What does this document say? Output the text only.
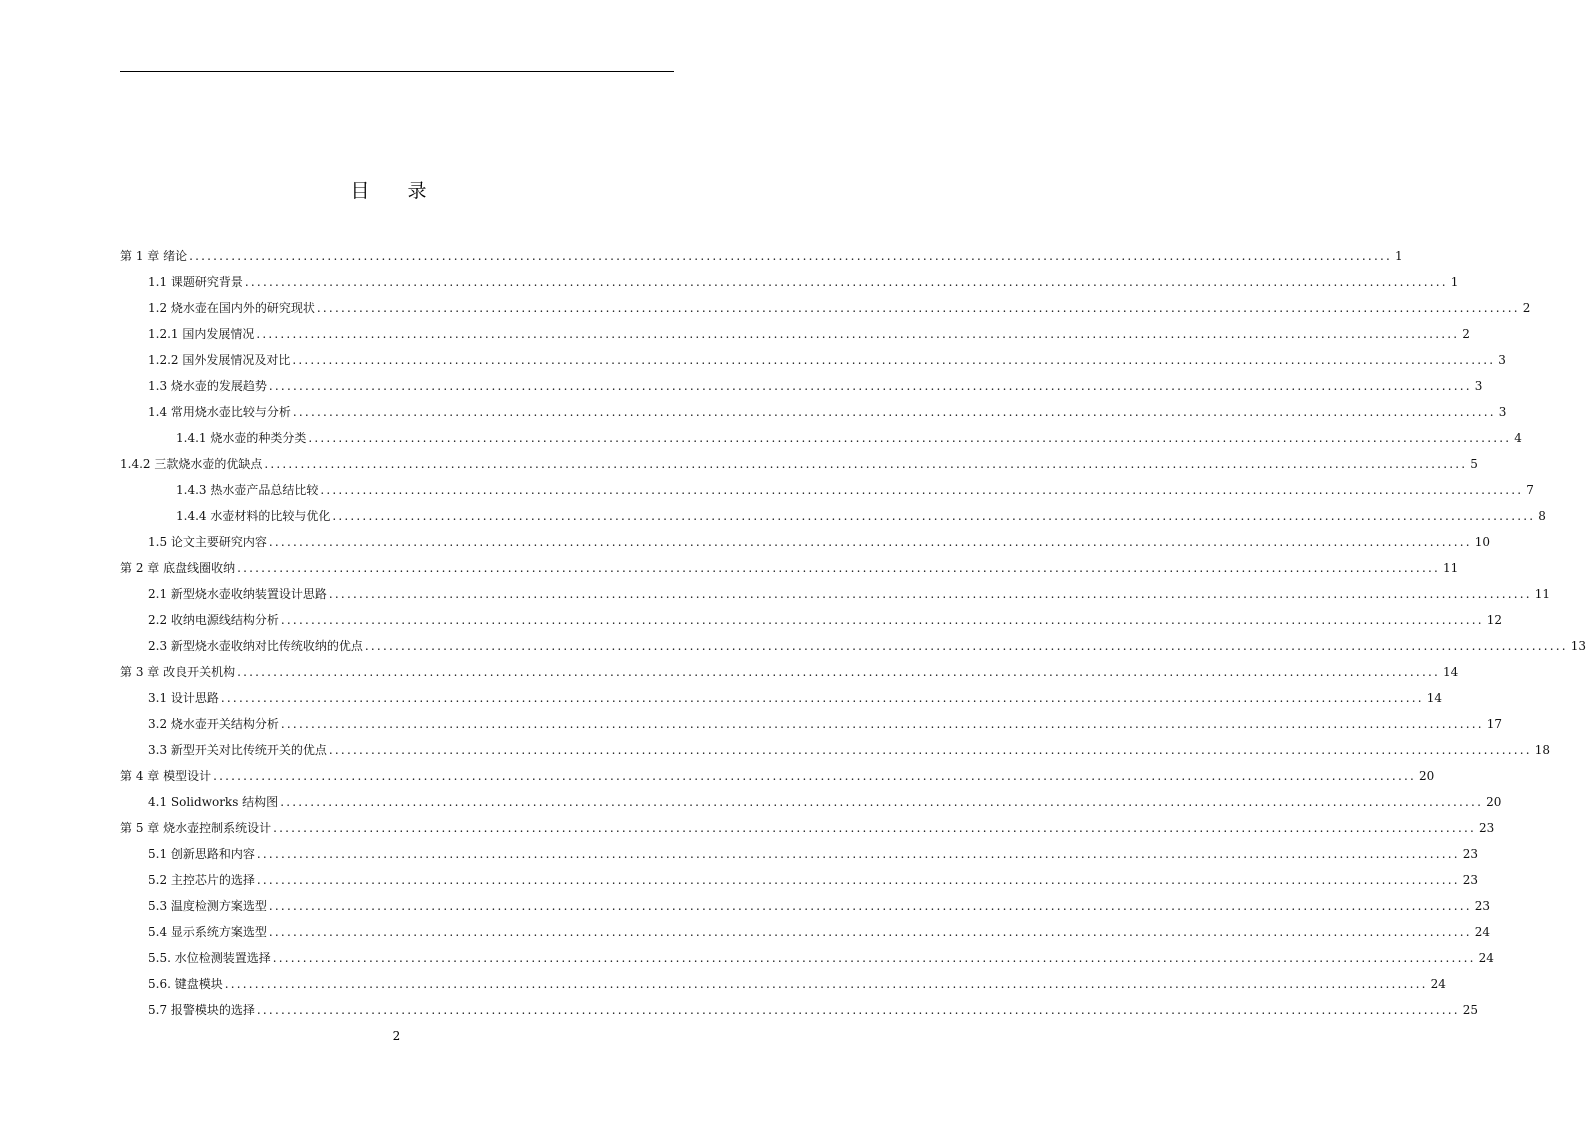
目 录
第 1 章 绪论 ........................................................................................................................................................................................................ 1
1.1 课题研究背景 ........................................................................................................................................................................................................ 1
1.2 烧水壶在国内外的研究现状 ........................................................................................................................................................................................................ 2
1.2.1 国内发展情况 ........................................................................................................................................................................................................ 2
1.2.2 国外发展情况及对比 ........................................................................................................................................................................................................ 3
1.3 烧水壶的发展趋势 ........................................................................................................................................................................................................ 3
1.4 常用烧水壶比较与分析 ........................................................................................................................................................................................................ 3
1.4.1 烧水壶的种类分类 ........................................................................................................................................................................................................ 4
1.4.2 三款烧水壶的优缺点 ........................................................................................................................................................................................................ 5
1.4.3 热水壶产品总结比较 ........................................................................................................................................................................................................ 7
1.4.4 水壶材料的比较与优化 ........................................................................................................................................................................................................ 8
1.5 论文主要研究内容 ........................................................................................................................................................................................................ 10
第 2 章 底盘线圈收纳 ........................................................................................................................................................................................................ 11
2.1 新型烧水壶收纳装置设计思路 ........................................................................................................................................................................................................ 11
2.2 收纳电源线结构分析 ........................................................................................................................................................................................................ 12
2.3 新型烧水壶收纳对比传统收纳的优点 ........................................................................................................................................................................................................ 13
第 3 章 改良开关机构 ........................................................................................................................................................................................................ 14
3.1 设计思路 ........................................................................................................................................................................................................ 14
3.2 烧水壶开关结构分析 ........................................................................................................................................................................................................ 17
3.3 新型开关对比传统开关的优点 ........................................................................................................................................................................................................ 18
第 4 章 模型设计 ........................................................................................................................................................................................................ 20
4.1 Solidworks 结构图 ........................................................................................................................................................................................................ 20
第 5 章 烧水壶控制系统设计 ........................................................................................................................................................................................................ 23
5.1 创新思路和内容 ........................................................................................................................................................................................................ 23
5.2 主控芯片的选择 ........................................................................................................................................................................................................ 23
5.3 温度检测方案选型 ........................................................................................................................................................................................................ 23
5.4 显示系统方案选型 ........................................................................................................................................................................................................ 24
5.5. 水位检测装置选择 ........................................................................................................................................................................................................ 24
5.6. 键盘模块 ........................................................................................................................................................................................................ 24
5.7 报警模块的选择 ........................................................................................................................................................................................................ 25
2
